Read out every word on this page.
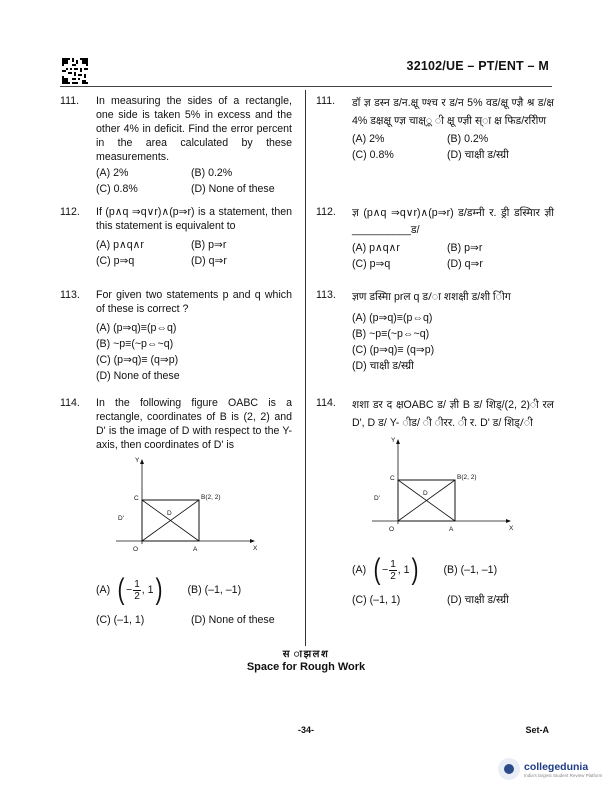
32102/UE – PT/ENT – M
111. In measuring the sides of a rectangle, one side is taken 5% in excess and the other 4% in deficit. Find the error percent in the area calculated by these measurements.
(A) 2%	(B) 0.2%
(C) 0.8%	(D) None of these
112. If (p∧q ⇒q∨r)∧(p⇒r) is a statement, then this statement is equivalent to
(A) p∧q∧r	(B) p⇒r
(C) p⇒q	(D) q⇒r
113. For given two statements p and q which of these is correct ?
(A) (p⇒q)≡(p⇔q)
(B) ~p≡(~p⇔~q)
(C) (p⇒q)≡ (q⇒p)
(D) None of these
114. In the following figure OABC is a rectangle, coordinates of B is (2, 2) and D' is the image of D with respect to the Y-axis, then coordinates of D' is
Y
X
O	A
C	B(2, 2)
D
D'
(A) ( − $\frac{1}{2}$ , 1 ) (B) (–1, –1)
(C) (–1, 1)	(D) None of these
111. डॉ ज्ञ डस्न ड/न.क्षू ण्श्च र ड/न 5% वड/क्षू ण्ज्ञै श्र ड/क्ष 4% डक्षक्षू ण्ज्ञ चाक्ष्ू ी क्षू ण्ज्ञी स्ा क्ष फिड/ररिीण
(A) 2%	(B) 0.2%
(C) 0.8%	(D) चाक्षी ड/स्ग्री
112. ज्ञ (p∧q ⇒q∨r)∧(p⇒r) ड/डम्नी र. ड्री डस्मिार ज्ञी __________ड/
(A) p∧q∧r	(B) p⇒r
(C) p⇒q	(D) q⇒r
113. ज्ञण डस्मिा prल q ड/ा शशक्षी ड/शी ीिग
(A) (p⇒q)≡(p⇔q)
(B) ~p≡(~p⇔~q)
(C) (p⇒q)≡ (q⇒p)
(D) चाक्षी ड/स्ग्री
114. शशा डर द क्षOABC ड/ ज्ञी B ड/ शिड्/(2, 2)ी रल D', D ड/ Y- ीड/ ी ीरर. ी र. D' ड/ शिड्/ी
Y
X
O	A
C	B(2, 2)
D
D'
(A) ( − $\frac{1}{2}$ , 1 ) (B) (–1, –1)
(C) (–1, 1)	(D) चाक्षी ड/स्ग्री
स ाझलश
Space for Rough Work
-34-	Set-A
collegedunia
India's largest Student Review Platform
